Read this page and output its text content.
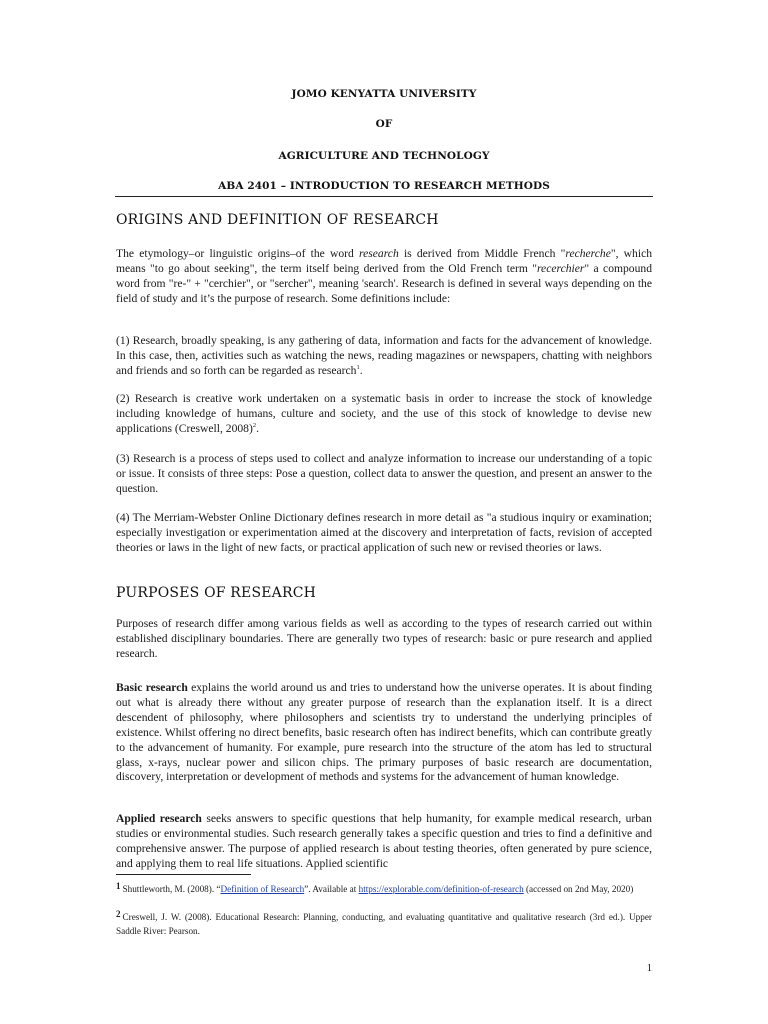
JOMO KENYATTA UNIVERSITY
OF
AGRICULTURE AND TECHNOLOGY
ABA 2401 – INTRODUCTION TO RESEARCH METHODS
ORIGINS AND DEFINITION OF RESEARCH
The etymology–or linguistic origins–of the word research is derived from Middle French "recherche", which means "to go about seeking", the term itself being derived from the Old French term "recerchier" a compound word from "re-" + "cerchier", or "sercher", meaning 'search'. Research is defined in several ways depending on the field of study and it’s the purpose of research. Some definitions include:
(1) Research, broadly speaking, is any gathering of data, information and facts for the advancement of knowledge. In this case, then, activities such as watching the news, reading magazines or newspapers, chatting with neighbors and friends and so forth can be regarded as research$^1$.
(2) Research is creative work undertaken on a systematic basis in order to increase the stock of knowledge including knowledge of humans, culture and society, and the use of this stock of knowledge to devise new applications (Creswell, 2008)$^2$.
(3) Research is a process of steps used to collect and analyze information to increase our understanding of a topic or issue. It consists of three steps: Pose a question, collect data to answer the question, and present an answer to the question.
(4) The Merriam-Webster Online Dictionary defines research in more detail as "a studious inquiry or examination; especially investigation or experimentation aimed at the discovery and interpretation of facts, revision of accepted theories or laws in the light of new facts, or practical application of such new or revised theories or laws.
PURPOSES OF RESEARCH
Purposes of research differ among various fields as well as according to the types of research carried out within established disciplinary boundaries. There are generally two types of research: basic or pure research and applied research.
Basic research explains the world around us and tries to understand how the universe operates. It is about finding out what is already there without any greater purpose of research than the explanation itself. It is a direct descendent of philosophy, where philosophers and scientists try to understand the underlying principles of existence. Whilst offering no direct benefits, basic research often has indirect benefits, which can contribute greatly to the advancement of humanity. For example, pure research into the structure of the atom has led to structural glass, x-rays, nuclear power and silicon chips. The primary purposes of basic research are documentation, discovery, interpretation or development of methods and systems for the advancement of human knowledge.
Applied research seeks answers to specific questions that help humanity, for example medical research, urban studies or environmental studies. Such research generally takes a specific question and tries to find a definitive and comprehensive answer. The purpose of applied research is about testing theories, often generated by pure science, and applying them to real life situations. Applied scientific
1 Shuttleworth, M. (2008). “Definition of Research”. Available at https://explorable.com/definition-of-research (accessed on 2nd May, 2020)
2 Creswell, J. W. (2008). Educational Research: Planning, conducting, and evaluating quantitative and qualitative research (3rd ed.). Upper Saddle River: Pearson.
1
